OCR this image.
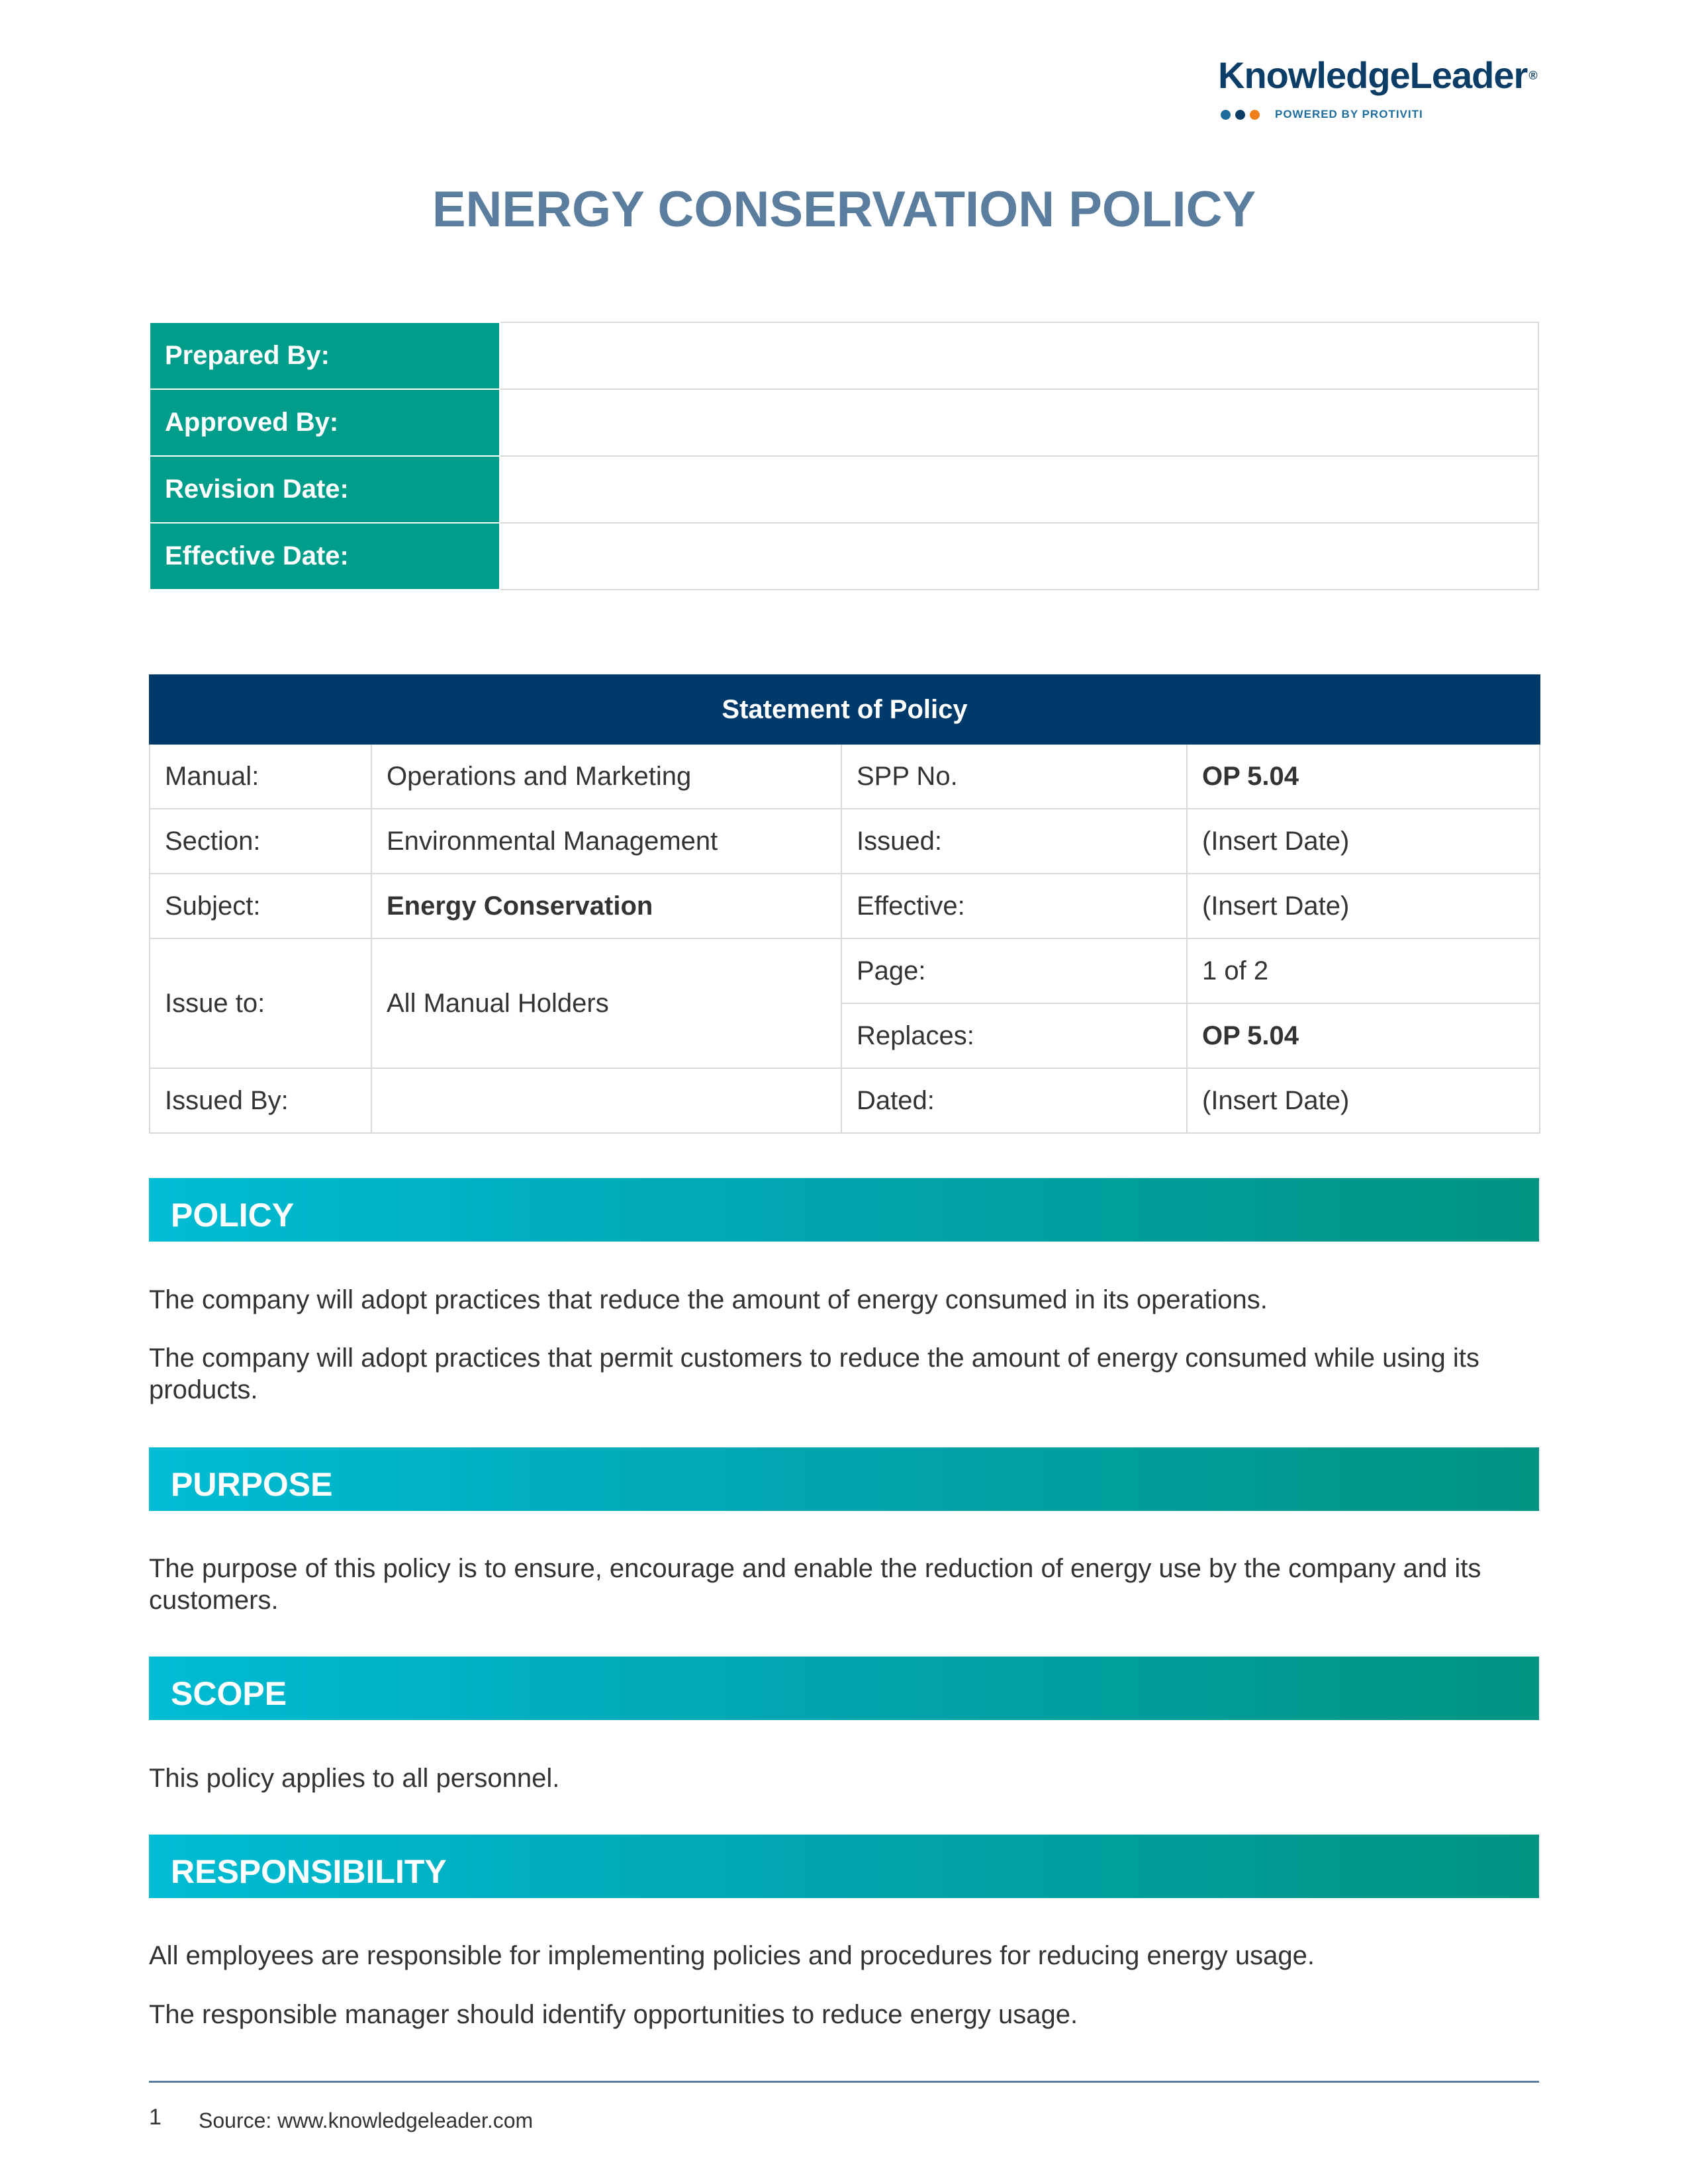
KnowledgeLeader ®
POWERED BY PROTIVITI
ENERGY CONSERVATION POLICY
Prepared By:	
Approved By:	
Revision Date:	
Effective Date:	
Statement of Policy			
Manual:	Operations and Marketing	SPP No.	OP 5.04
Section:	Environmental Management	Issued:	(Insert Date)
Subject:	Energy Conservation	Effective:	(Insert Date)
Issue to:	All Manual Holders	Page:	1 of 2
		Replaces:	OP 5.04
Issued By:		Dated:	(Insert Date)
POLICY

The company will adopt practices that reduce the amount of energy consumed in its operations.

The company will adopt practices that permit customers to reduce the amount of energy consumed while using its products.

PURPOSE

The purpose of this policy is to ensure, encourage and enable the reduction of energy use by the company and its customers.

SCOPE

This policy applies to all personnel.

RESPONSIBILITY

All employees are responsible for implementing policies and procedures for reducing energy usage.

The responsible manager should identify opportunities to reduce energy usage.

1 Source: www.knowledgeleader.com
